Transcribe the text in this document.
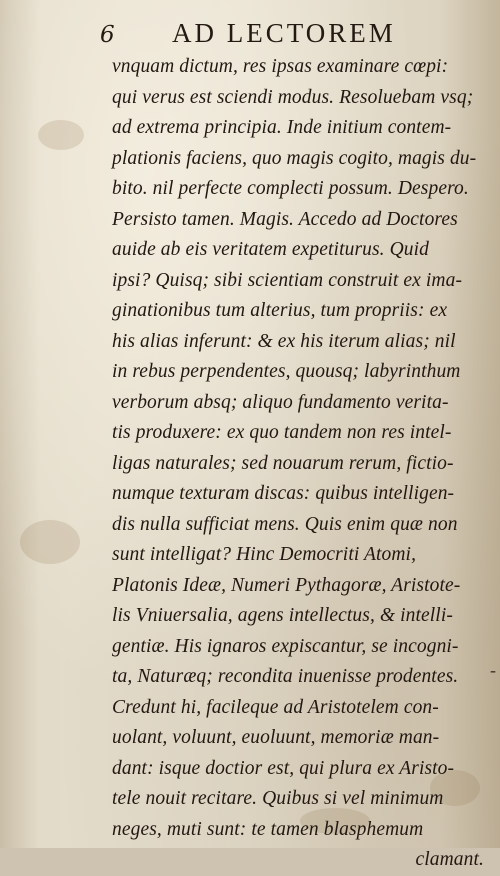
6 AD LECTOREM
vnquam dictum, res ipsas examinare cœpi:
qui verus est sciendi modus. Resoluebam vsq;
ad extrema principia. Inde initium contem-
plationis faciens, quo magis cogito, magis du-
bito. nil perfecte complecti possum. Despero.
Persisto tamen. Magis. Accedo ad Doctores
auide ab eis veritatem expetiturus. Quid
ipsi? Quisq; sibi scientiam construit ex ima-
ginationibus tum alterius, tum propriis: ex
his alias inferunt: & ex his iterum alias; nil
in rebus perpendentes, quousq; labyrinthum
verborum absq; aliquo fundamento verita-
tis produxere: ex quo tandem non res intel-
ligas naturales; sed nouarum rerum, fictio-
numque texturam discas: quibus intelligen-
dis nulla sufficiat mens. Quis enim quæ non
sunt intelligat? Hinc Democriti Atomi,
Platonis Ideæ, Numeri Pythagoræ, Aristote-
lis Vniuersalia, agens intellectus, & intelli-
gentiæ. His ignaros expiscantur, se incogni-
ta, Naturæq; recondita inuenisse prodentes.
Credunt hi, facileque ad Aristotelem con-
uolant, voluunt, euoluunt, memoriæ man-
dant: isque doctior est, qui plura ex Aristo-
tele nouit recitare. Quibus si vel minimum
neges, muti sunt: te tamen blasphemum
clamant.
-
